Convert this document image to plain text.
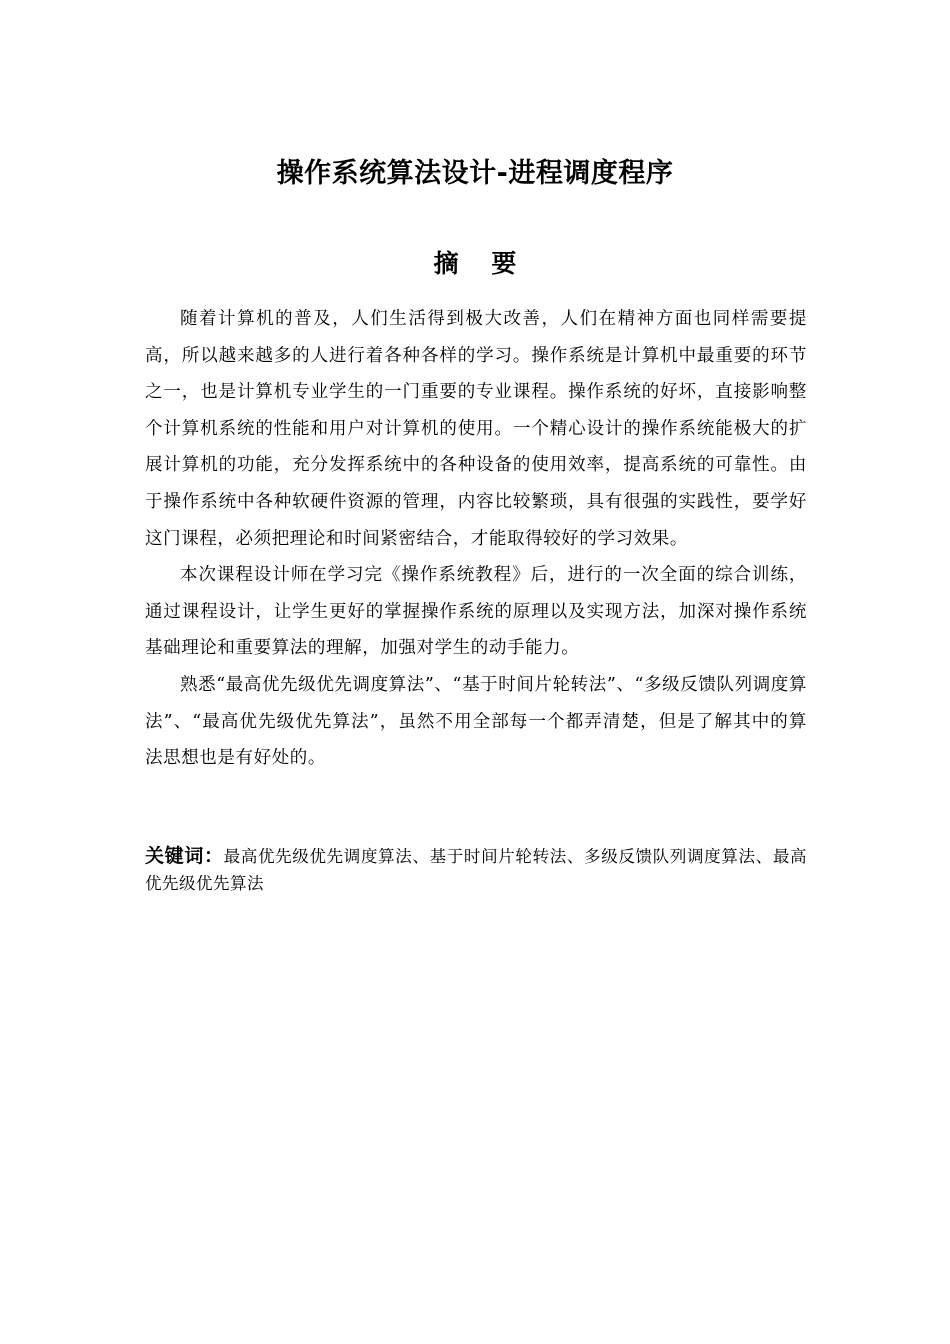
操作系统算法设计-进程调度程序
摘 要

随着计算机的普及，人们生活得到极大改善，人们在精神方面也同样需要提高，所以越来越多的人进行着各种各样的学习。操作系统是计算机中最重要的环节之一，也是计算机专业学生的一门重要的专业课程。操作系统的好坏，直接影响整个计算机系统的性能和用户对计算机的使用。一个精心设计的操作系统能极大的扩展计算机的功能，充分发挥系统中的各种设备的使用效率，提高系统的可靠性。由于操作系统中各种软硬件资源的管理，内容比较繁琐，具有很强的实践性，要学好这门课程，必须把理论和时间紧密结合，才能取得较好的学习效果。

本次课程设计师在学习完《操作系统教程》后，进行的一次全面的综合训练，通过课程设计，让学生更好的掌握操作系统的原理以及实现方法，加深对操作系统基础理论和重要算法的理解，加强对学生的动手能力。

熟悉“最高优先级优先调度算法”、“基于时间片轮转法”、“多级反馈队列调度算法”、“最高优先级优先算法”，虽然不用全部每一个都弄清楚，但是了解其中的算法思想也是有好处的。

关键词：最高优先级优先调度算法、基于时间片轮转法、多级反馈队列调度算法、最高优先级优先算法
